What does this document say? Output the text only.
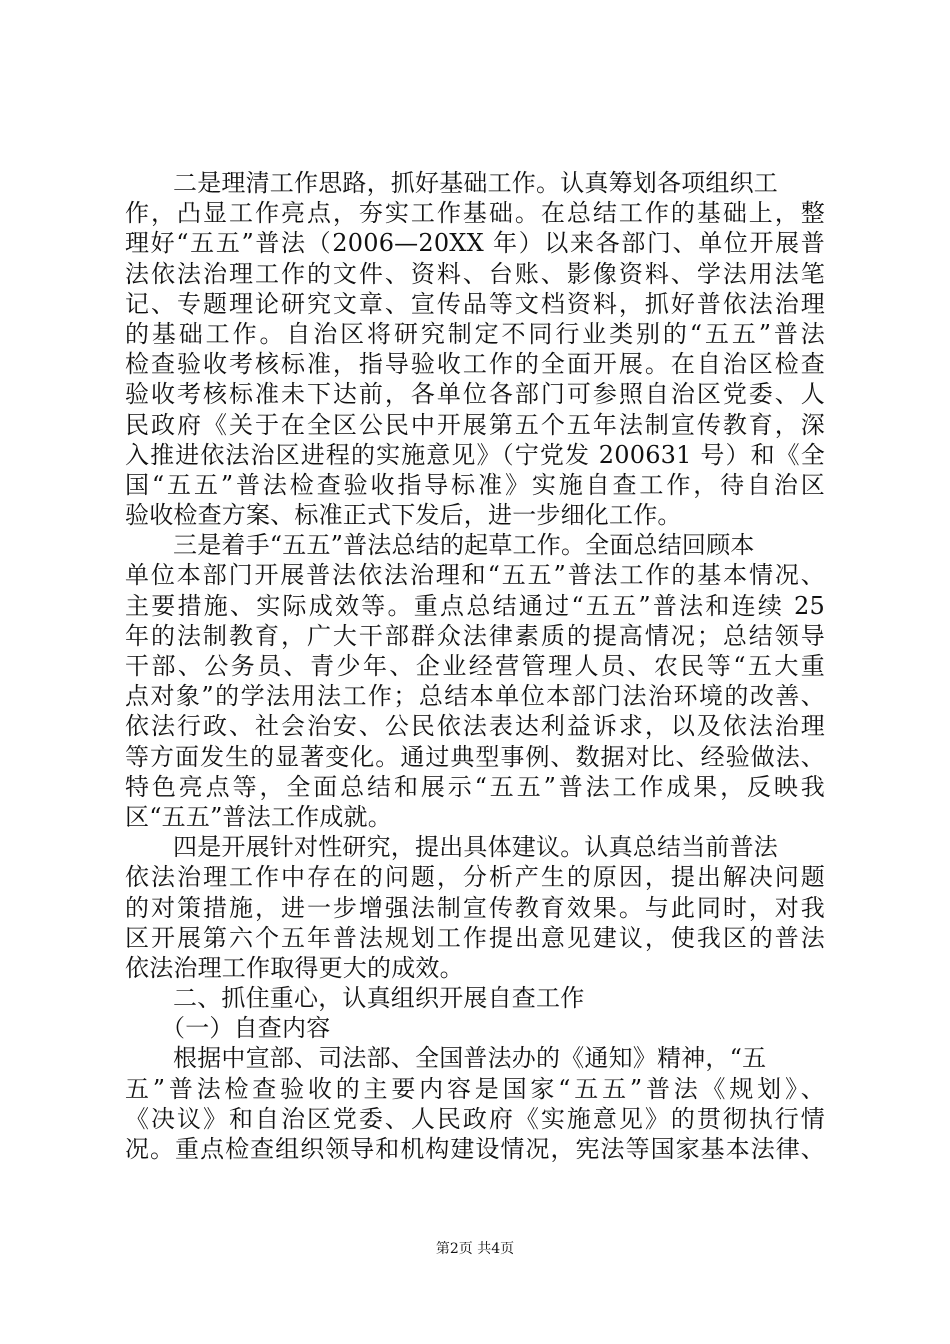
二是理清工作思路，抓好基础工作。认真筹划各项组织工
作，凸显工作亮点，夯实工作基础。在总结工作的基础上，整
理好“五五”普法（2006—20XX 年）以来各部门、单位开展普
法依法治理工作的文件、资料、台账、影像资料、学法用法笔
记、专题理论研究文章、宣传品等文档资料，抓好普依法治理
的基础工作。自治区将研究制定不同行业类别的“五五”普法
检查验收考核标准，指导验收工作的全面开展。在自治区检查
验收考核标准未下达前，各单位各部门可参照自治区党委、人
民政府《关于在全区公民中开展第五个五年法制宣传教育，深
入推进依法治区进程的实施意见》（宁党发 200631 号）和《全
国“五五”普法检查验收指导标准》实施自查工作，待自治区
验收检查方案、标准正式下发后，进一步细化工作。
三是着手“五五”普法总结的起草工作。全面总结回顾本
单位本部门开展普法依法治理和“五五”普法工作的基本情况、
主要措施、实际成效等。重点总结通过“五五”普法和连续 25
年的法制教育，广大干部群众法律素质的提高情况；总结领导
干部、公务员、青少年、企业经营管理人员、农民等“五大重
点对象”的学法用法工作；总结本单位本部门法治环境的改善、
依法行政、社会治安、公民依法表达利益诉求，以及依法治理
等方面发生的显著变化。通过典型事例、数据对比、经验做法、
特色亮点等，全面总结和展示“五五”普法工作成果，反映我
区“五五”普法工作成就。
四是开展针对性研究，提出具体建议。认真总结当前普法
依法治理工作中存在的问题，分析产生的原因，提出解决问题
的对策措施，进一步增强法制宣传教育效果。与此同时，对我
区开展第六个五年普法规划工作提出意见建议，使我区的普法
依法治理工作取得更大的成效。
二、抓住重心，认真组织开展自查工作
（一）自查内容
根据中宣部、司法部、全国普法办的《通知》精神，“五
五”普法检查验收的主要内容是国家“五五”普法《规划》、
《决议》和自治区党委、人民政府《实施意见》的贯彻执行情
况。重点检查组织领导和机构建设情况，宪法等国家基本法律、
第2页 共4页
